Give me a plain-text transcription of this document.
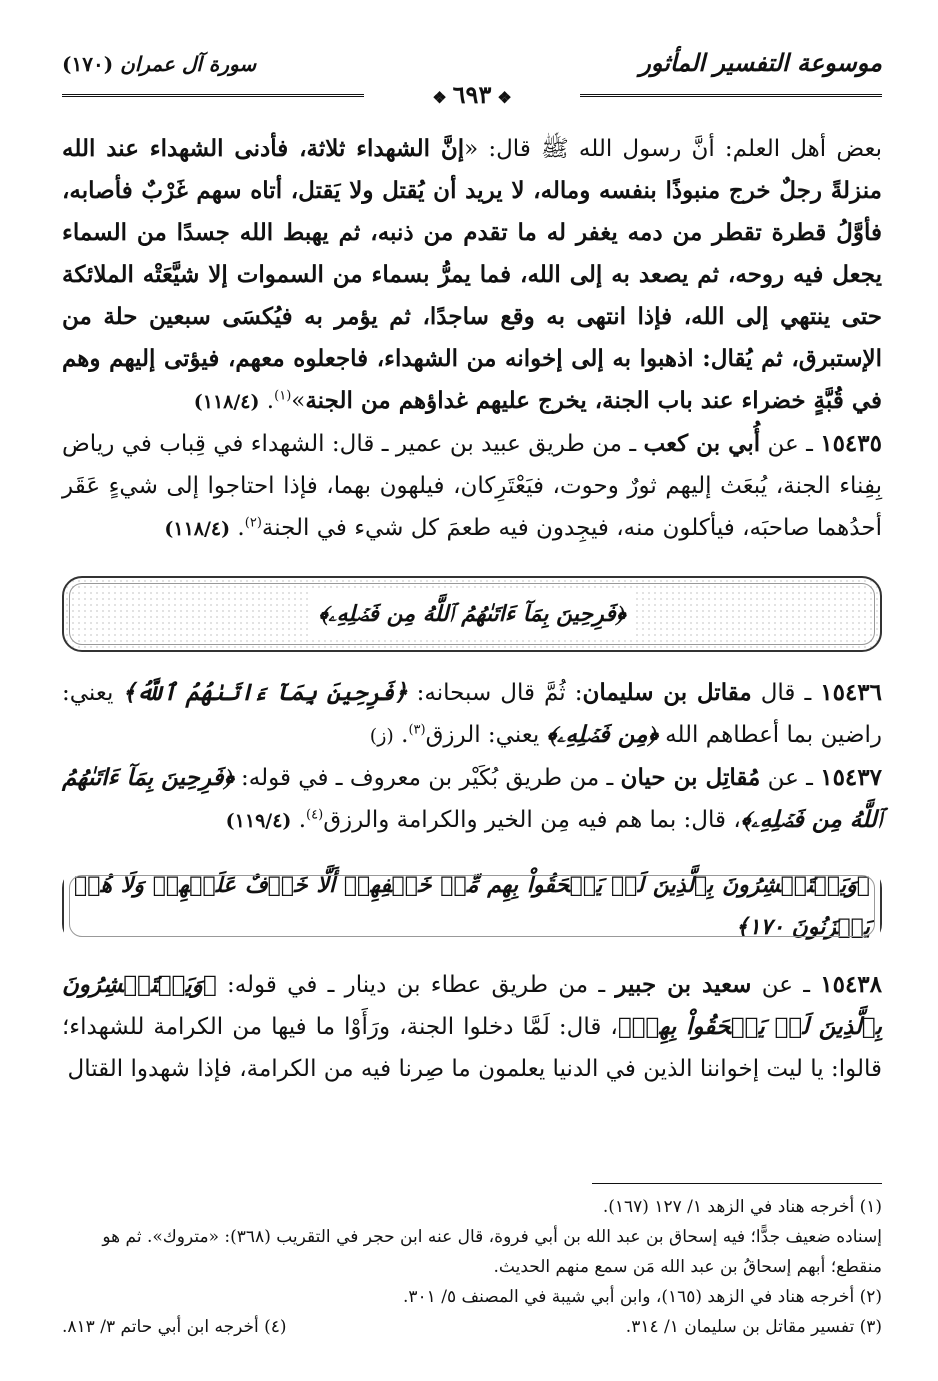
موسوعة التفسير المأثور
سورة آل عمران (١٧٠)
❖٦٩٣❖

بعض أهل العلم: أنَّ رسول الله ﷺ قال: «إنَّ الشهداء ثلاثة، فأدنى الشهداء عند الله منزلةً رجلٌ خرج منبوذًا بنفسه وماله، لا يريد أن يُقتل ولا يَقتل، أتاه سهم غَرْبٌ فأصابه، فأوَّلُ قطرة تقطر من دمه يغفر له ما تقدم من ذنبه، ثم يهبط الله جسدًا من السماء يجعل فيه روحه، ثم يصعد به إلى الله، فما يمرُّ بسماء من السموات إلا شيَّعَتْه الملائكة حتى ينتهي إلى الله، فإذا انتهى به وقع ساجدًا، ثم يؤمر به فيُكسَى سبعين حلة من الإستبرق، ثم يُقال: اذهبوا به إلى إخوانه من الشهداء، فاجعلوه معهم، فيؤتى إليهم وهم في قُبَّةٍ خضراء عند باب الجنة، يخرج عليهم غداؤهم من الجنة»$^{(١)}$. (١١٨/٤)

١٥٤٣٥ ـ عن أُبي بن كعب ـ من طريق عبيد بن عمير ـ قال: الشهداء في قِباب في رياض بِفِناء الجنة، يُبعَث إليهم ثورٌ وحوت، فيَعْتَرِكان، فيلهون بهما، فإذا احتاجوا إلى شيءٍ عَقَر أحدُهما صاحبَه، فيأكلون منه، فيجِدون فيه طعمَ كل شيء في الجنة$^{(٢)}$. (١١٨/٤)

﴿فَرِحِينَ بِمَآ ءَاتَىٰهُمُ ٱللَّهُ مِن فَضۡلِهِۦ﴾

١٥٤٣٦ ـ قال مقاتل بن سليمان: ثُمَّ قال سبحانه: ﴿فَرِحِينَ بِمَآ ءَاتَىٰهُمُ ٱللَّهُ﴾ يعني: راضين بما أعطاهم الله ﴿مِن فَضۡلِهِۦ﴾ يعني: الرزق$^{(٣)}$. (ز)

١٥٤٣٧ ـ عن مُقاتِل بن حيان ـ من طريق بُكَيْر بن معروف ـ في قوله: ﴿فَرِحِينَ بِمَآ ءَاتَىٰهُمُ ٱللَّهُ مِن فَضۡلِهِۦ﴾، قال: بما هم فيه مِن الخير والكرامة والرزق$^{(٤)}$. (١١٩/٤)

﴿وَيَسۡتَبۡشِرُونَ بِٱلَّذِينَ لَمۡ يَلۡحَقُواْ بِهِم مِّنۡ خَلۡفِهِمۡ أَلَّا خَوۡفٌ عَلَيۡهِمۡ وَلَا هُمۡ يَحۡزَنُونَ ١٧٠﴾

١٥٤٣٨ ـ عن سعيد بن جبير ـ من طريق عطاء بن دينار ـ في قوله: ﴿وَيَسۡتَبۡشِرُونَ بِٱلَّذِينَ لَمۡ يَلۡحَقُواْ بِهِمۡ﴾، قال: لَمَّا دخلوا الجنة، ورَأَوْا ما فيها من الكرامة للشهداء؛ قالوا: يا ليت إخواننا الذين في الدنيا يعلمون ما صِرنا فيه من الكرامة، فإذا شهدوا القتال

(١) أخرجه هناد في الزهد ١/ ١٢٧ (١٦٧).

إسناده ضعيف جدًّا؛ فيه إسحاق بن عبد الله بن أبي فروة، قال عنه ابن حجر في التقريب (٣٦٨): «متروك». ثم هو منقطع؛ أبهم إسحاقُ بن عبد الله مَن سمع منهم الحديث.

(٢) أخرجه هناد في الزهد (١٦٥)، وابن أبي شيبة في المصنف ٥/ ٣٠١.

(٣) تفسير مقاتل بن سليمان ١/ ٣١٤.
(٤) أخرجه ابن أبي حاتم ٣/ ٨١٣.
